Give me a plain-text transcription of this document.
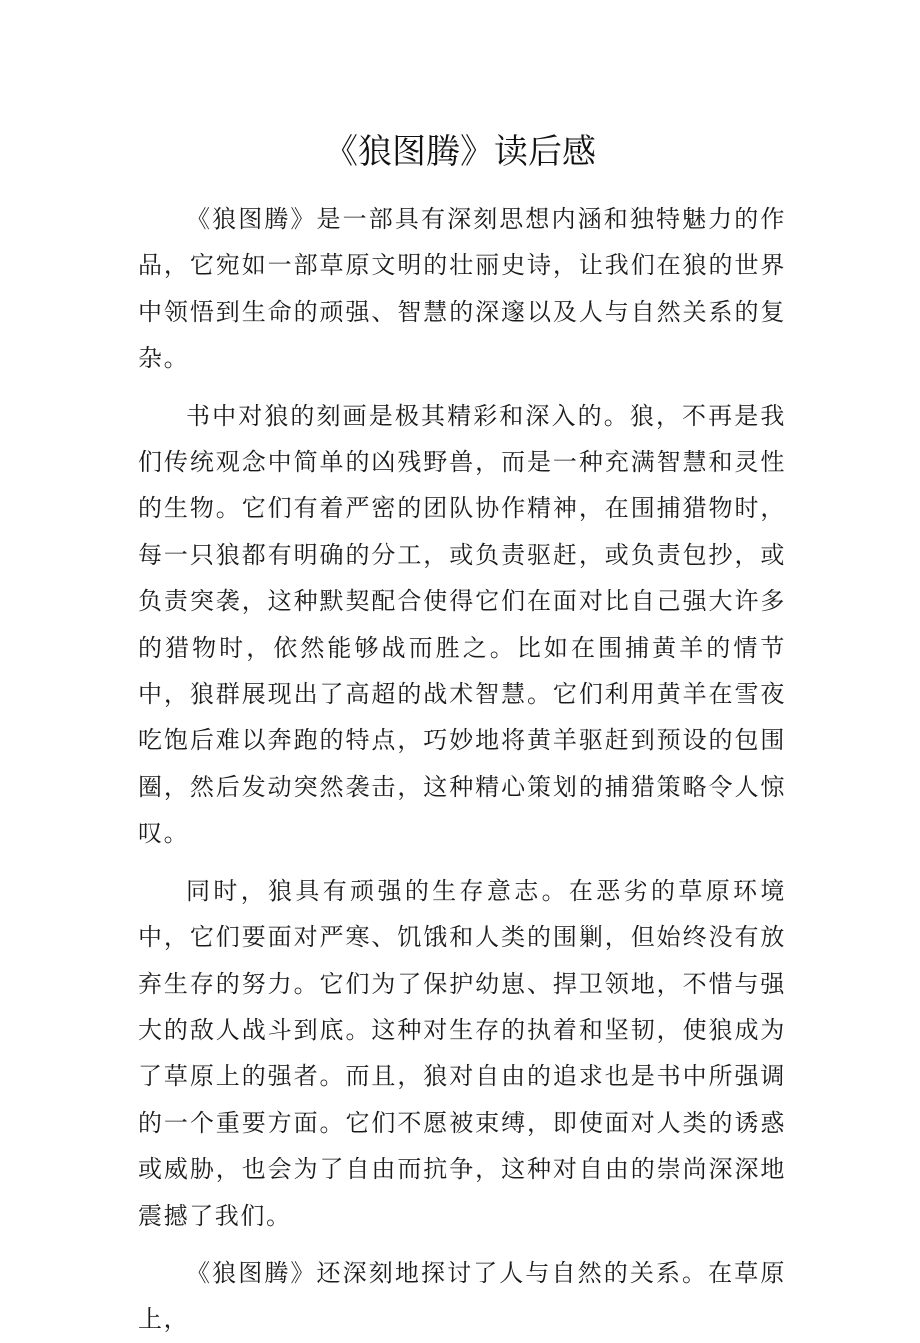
《狼图腾》读后感

《狼图腾》是一部具有深刻思想内涵和独特魅力的作品，它宛如一部草原文明的壮丽史诗，让我们在狼的世界中领悟到生命的顽强、智慧的深邃以及人与自然关系的复杂。

书中对狼的刻画是极其精彩和深入的。狼，不再是我们传统观念中简单的凶残野兽，而是一种充满智慧和灵性的生物。它们有着严密的团队协作精神，在围捕猎物时，每一只狼都有明确的分工，或负责驱赶，或负责包抄，或负责突袭，这种默契配合使得它们在面对比自己强大许多的猎物时，依然能够战而胜之。比如在围捕黄羊的情节中，狼群展现出了高超的战术智慧。它们利用黄羊在雪夜吃饱后难以奔跑的特点，巧妙地将黄羊驱赶到预设的包围圈，然后发动突然袭击，这种精心策划的捕猎策略令人惊叹。

同时，狼具有顽强的生存意志。在恶劣的草原环境中，它们要面对严寒、饥饿和人类的围剿，但始终没有放弃生存的努力。它们为了保护幼崽、捍卫领地，不惜与强大的敌人战斗到底。这种对生存的执着和坚韧，使狼成为了草原上的强者。而且，狼对自由的追求也是书中所强调的一个重要方面。它们不愿被束缚，即使面对人类的诱惑或威胁，也会为了自由而抗争，这种对自由的崇尚深深地震撼了我们。

《狼图腾》还深刻地探讨了人与自然的关系。在草原上，
